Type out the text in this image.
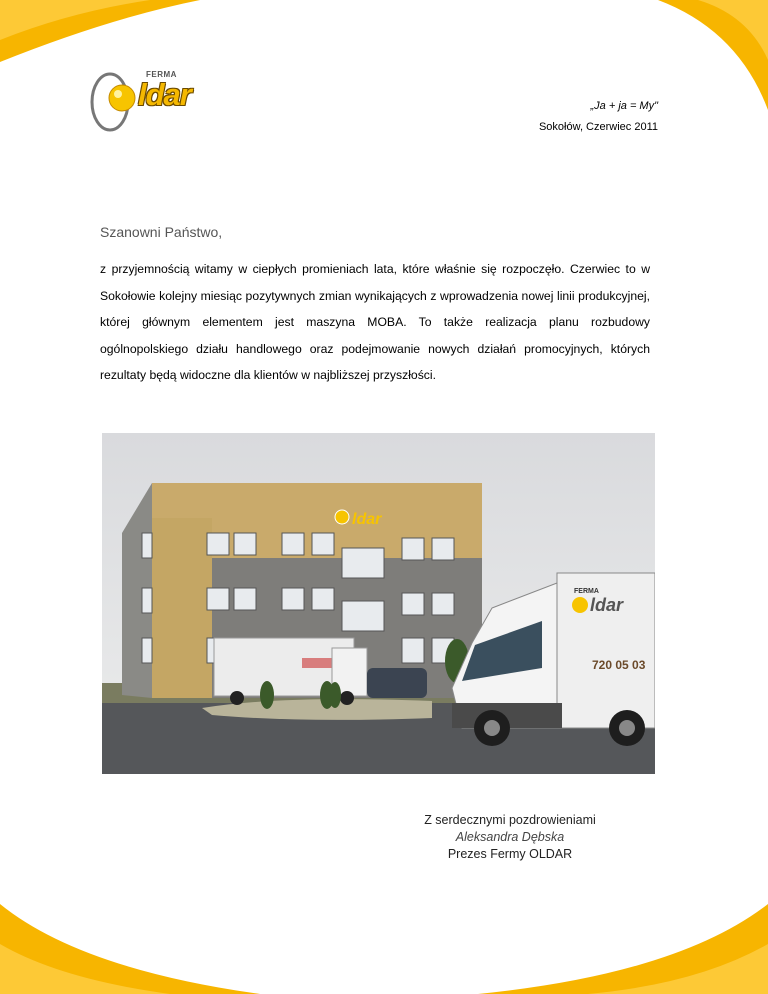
FERMA
ldar	„Ja + ja = My"
Sokołów, Czerwiec 2011
Szanowni Państwo,
z przyjemnością witamy w ciepłych promieniach lata, które właśnie się rozpoczęło. Czerwiec to w Sokołowie kolejny miesiąc pozytywnych zmian wynikających z wprowadzenia nowej linii produkcyjnej, której głównym elementem jest maszyna MOBA. To także realizacja planu rozbudowy ogólnopolskiego działu handlowego oraz podejmowanie nowych działań promocyjnych, których rezultaty będą widoczne dla klientów w najbliższej przyszłości.
ldar
FERMA
ldar
720 05 03
Z serdecznymi pozdrowieniami
Aleksandra Dębska
Prezes Fermy OLDAR
